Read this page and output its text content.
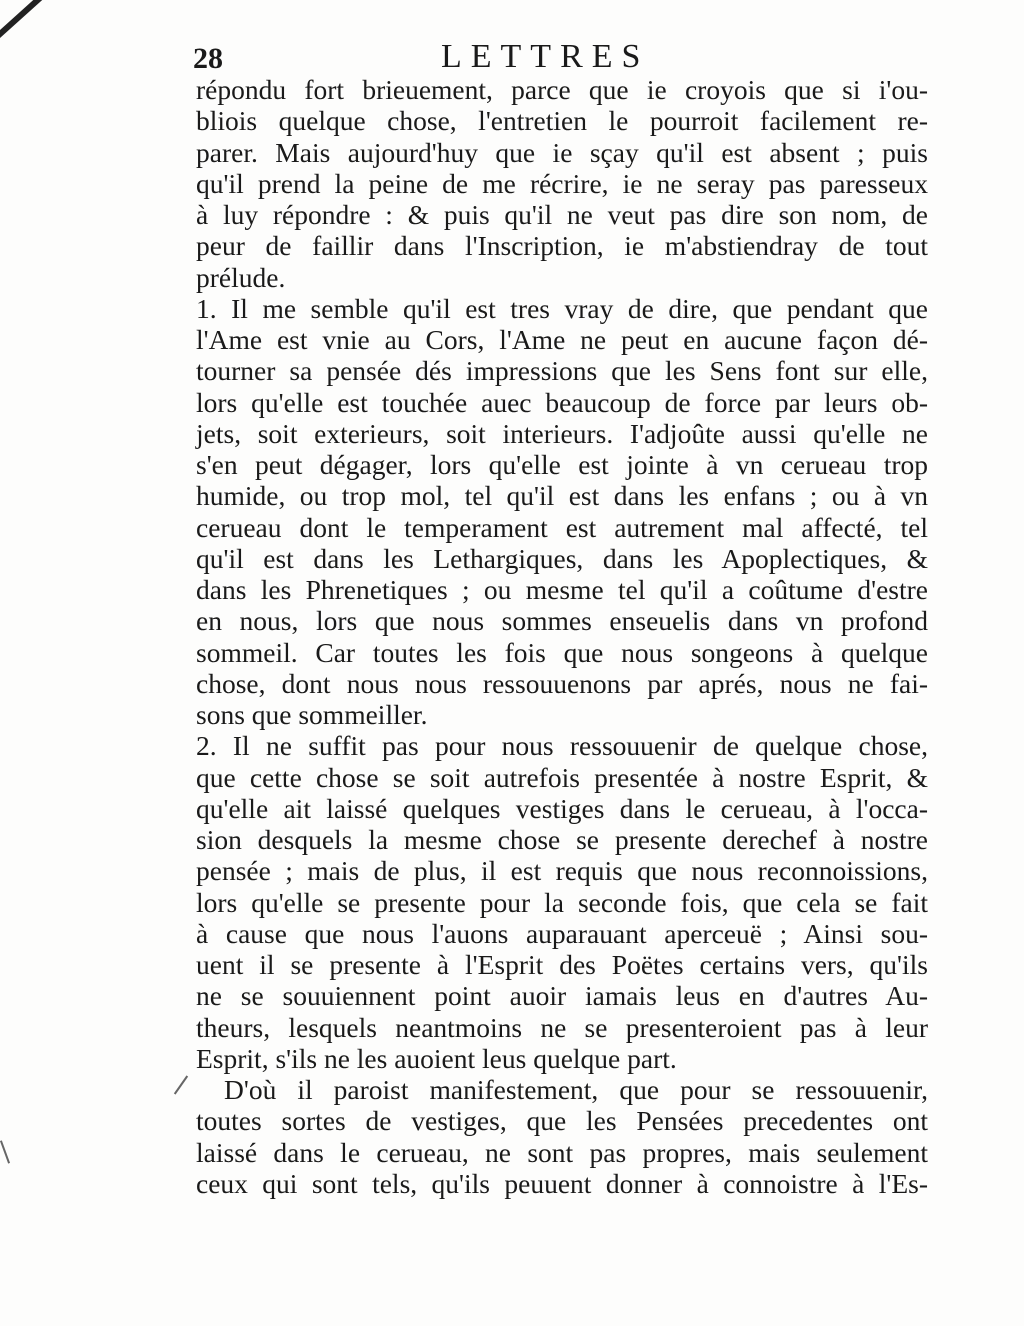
28	LETTRES
répondu fort brieuement, parce que ie croyois que si i'ou-
bliois quelque chose, l'entretien le pourroit facilement re-
parer. Mais aujourd'huy que ie sçay qu'il est absent ; puis
qu'il prend la peine de me récrire, ie ne seray pas paresseux
à luy répondre : & puis qu'il ne veut pas dire son nom, de
peur de faillir dans l'Inscription, ie m'abstiendray de tout
prélude.
1. Il me semble qu'il est tres vray de dire, que pendant que
l'Ame est vnie au Cors, l'Ame ne peut en aucune façon dé-
tourner sa pensée dés impressions que les Sens font sur elle,
lors qu'elle est touchée auec beaucoup de force par leurs ob-
jets, soit exterieurs, soit interieurs. I'adjoûte aussi qu'elle ne
s'en peut dégager, lors qu'elle est jointe à vn cerueau trop
humide, ou trop mol, tel qu'il est dans les enfans ; ou à vn
cerueau dont le temperament est autrement mal affecté, tel
qu'il est dans les Lethargiques, dans les Apoplectiques, &
dans les Phrenetiques ; ou mesme tel qu'il a coûtume d'estre
en nous, lors que nous sommes enseuelis dans vn profond
sommeil. Car toutes les fois que nous songeons à quelque
chose, dont nous nous ressouuenons par aprés, nous ne fai-
sons que sommeiller.
2. Il ne suffit pas pour nous ressouuenir de quelque chose,
que cette chose se soit autrefois presentée à nostre Esprit, &
qu'elle ait laissé quelques vestiges dans le cerueau, à l'occa-
sion desquels la mesme chose se presente derechef à nostre
pensée ; mais de plus, il est requis que nous reconnoissions,
lors qu'elle se presente pour la seconde fois, que cela se fait
à cause que nous l'auons auparauant aperceuë ; Ainsi sou-
uent il se presente à l'Esprit des Poëtes certains vers, qu'ils
ne se souuiennent point auoir iamais leus en d'autres Au-
theurs, lesquels neantmoins ne se presenteroient pas à leur
Esprit, s'ils ne les auoient leus quelque part.
D'où il paroist manifestement, que pour se ressouuenir,
toutes sortes de vestiges, que les Pensées precedentes ont
laissé dans le cerueau, ne sont pas propres, mais seulement
ceux qui sont tels, qu'ils peuuent donner à connoistre à l'Es-
